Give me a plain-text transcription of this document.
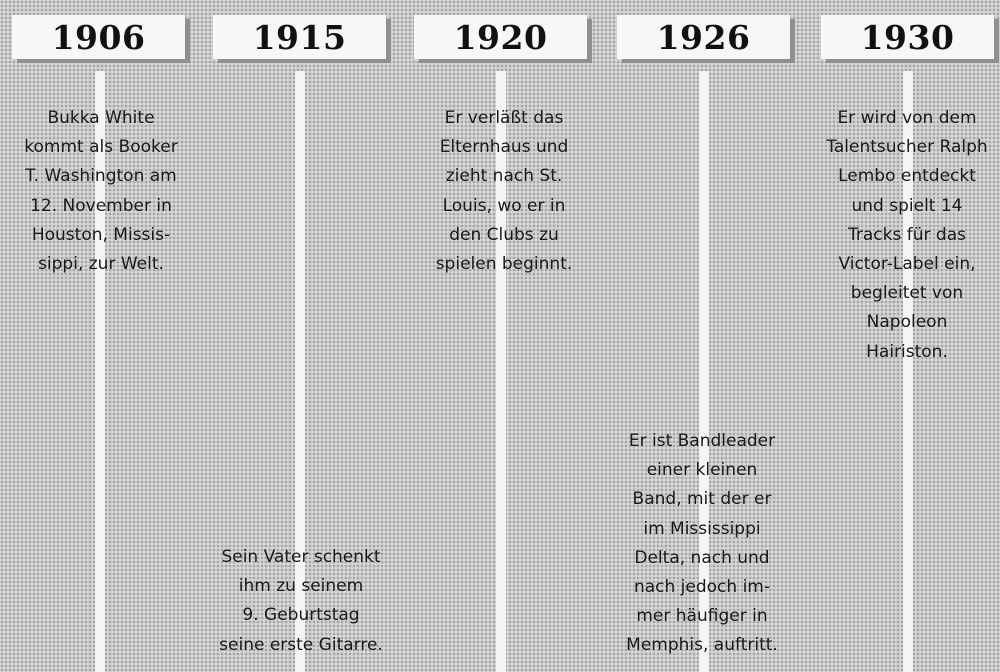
1906	1915	1920	1926	1930
Bukka White
kommt als Booker
T. Washington am
12. November in
Houston, Missis-
sippi, zur Welt.
Sein Vater schenkt
ihm zu seinem
9. Geburtstag
seine erste Gitarre.
Er verläßt das
Elternhaus und
zieht nach St.
Louis, wo er in
den Clubs zu
spielen beginnt.
Er ist Bandleader
einer kleinen
Band, mit der er
im Mississippi
Delta, nach und
nach jedoch im-
mer häufiger in
Memphis, auftritt.
Er wird von dem
Talentsucher Ralph
Lembo entdeckt
und spielt 14
Tracks für das
Victor-Label ein,
begleitet von
Napoleon
Hairiston.
